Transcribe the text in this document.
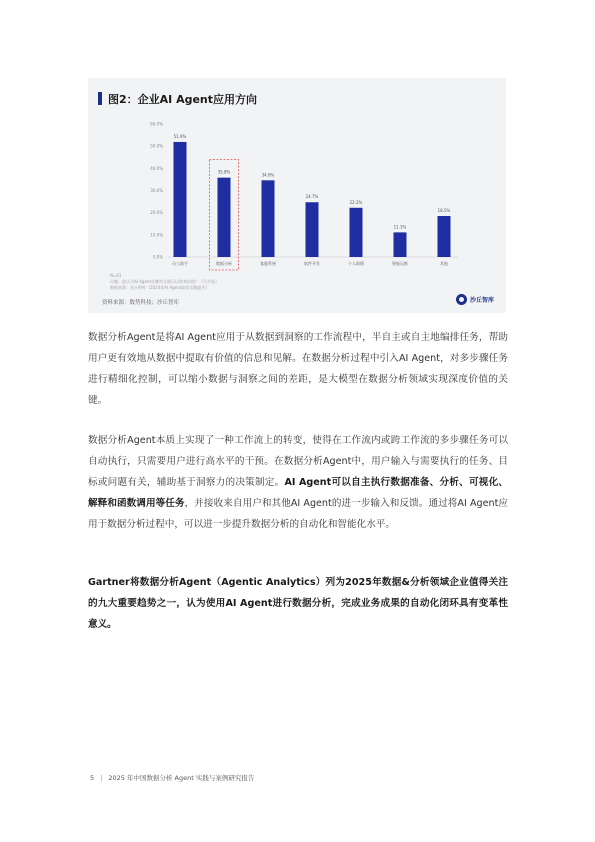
图2：企业AI Agent应用方向
0.0%
10.0%
20.0%
30.0%
40.0%
50.0%
60.0%
51.9%
员工助手
35.8%
数据分析
34.6%
客服系统
24.7%
软件开发
22.2%
个人助理
11.1%
智能运维
18.5%
其他
N=61
问题：您认为AI Agent在哪些方面可以带来价值？（可多选）
数据来源：沙丘智库《2024年AI Agent最佳实践报告》
资料来源：数势科技；沙丘智库	沙丘智库
数据分析Agent是将AI Agent应用于从数据到洞察的工作流程中，半自主或自主地编排任务，帮助用户更有效地从数据中提取有价值的信息和见解。在数据分析过程中引入AI Agent，对多步骤任务进行精细化控制，可以缩小数据与洞察之间的差距，是大模型在数据分析领域实现深度价值的关键。
数据分析Agent本质上实现了一种工作流上的转变，使得在工作流内或跨工作流的多步骤任务可以自动执行，只需要用户进行高水平的干预。在数据分析Agent中，用户输入与需要执行的任务、目标或问题有关，辅助基于洞察力的决策制定。AI Agent可以自主执行数据准备、分析、可视化、解释和函数调用等任务，并接收来自用户和其他AI Agent的进一步输入和反馈。通过将AI Agent应用于数据分析过程中，可以进一步提升数据分析的自动化和智能化水平。
Gartner将数据分析Agent（Agentic Analytics）列为2025年数据&分析领域企业值得关注的九大重要趋势之一，认为使用AI Agent进行数据分析，完成业务成果的自动化闭环具有变革性意义。
5 | 2025 年中国数据分析 Agent 实践与案例研究报告
